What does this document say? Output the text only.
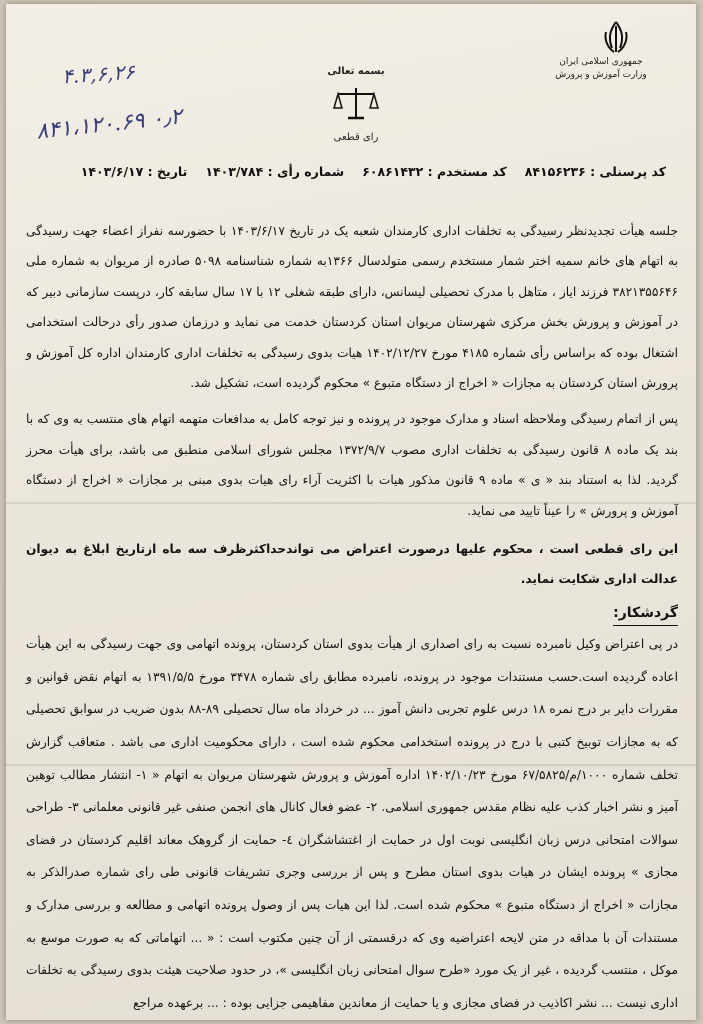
۴.۳,۶,۲۶
۸۴۱،۱۲۰.۶۹ ۰٫۲
جمهوری اسلامی ایران
وزارت آموزش و پرورش
بسمه تعالی
رای قطعی
کد پرسنلی : ۸۴۱۵۶۲۳۶
کد مستخدم : ۶۰۸۶۱۴۳۲
شماره رأی : ۱۴۰۳/۷۸۴
تاریخ : ۱۴۰۳/۶/۱۷

جلسه هیأت تجدیدنظر رسیدگی به تخلفات اداری کارمندان شعبه یک در تاریخ ۱۴۰۳/۶/۱۷ با حضورسه نفراز اعضاء جهت رسیدگی به اتهام های خانم سمیه اختر شمار مستخدم رسمی متولدسال ۱۳۶۶به شماره شناسنامه ۵۰۹۸ صادره از مریوان به شماره ملی ۳۸۲۱۳۵۵۶۴۶ فرزند ایاز ، متاهل با مدرک تحصیلی لیسانس، دارای طبقه شغلی ۱۲ با ۱۷ سال سابقه کار، درپست سازمانی دبیر که در آموزش و پرورش بخش مرکزی شهرستان مریوان استان کردستان خدمت می نماید و درزمان صدور رأی درحالت استخدامی اشتغال بوده که براساس رأی شماره ۴۱۸۵ مورخ ۱۴۰۲/۱۲/۲۷ هیات بدوی رسیدگی به تخلفات اداری کارمندان اداره کل آموزش و پرورش استان کردستان به مجازات « اخراج از دستگاه متبوع » محکوم گردیده است، تشکیل شد.

پس از اتمام رسیدگی وملاحظه اسناد و مدارک موجود در پرونده و نیز توجه کامل به مدافعات متهمه اتهام های منتسب به وی که با بند یک ماده ۸ قانون رسیدگی به تخلفات اداری مصوب ۱۳۷۲/۹/۷ مجلس شورای اسلامی منطبق می باشد، برای هیأت محرز گردید. لذا به استناد بند « ی » ماده ۹ قانون مذکور هیات با اکثریت آراء رای هیات بدوی مبنی بر مجازات « اخراج از دستگاه آموزش و پرورش » را عیناً تایید می نماید.

این رای قطعی است ، محکوم علیها درصورت اعتراض می تواندحداکثرظرف سه ماه ازتاریخ ابلاغ به دیوان عدالت اداری شکایت نماید.

گردشکار:

در پی اعتراض وکیل نامبرده نسبت به رای اصداری از هیأت بدوی استان کردستان، پرونده اتهامی وی جهت رسیدگی به این هیأت اعاده گردیده است.حسب مستندات موجود در پرونده، نامبرده مطابق رای شماره ۳۴۷۸ مورخ ۱۳۹۱/۵/۵ به اتهام نقض قوانین و مقررات دایر بر درج نمره ۱۸ درس علوم تجربی دانش آموز ... در خرداد ماه سال تحصیلی ۸۹-۸۸ بدون ضریب در سوابق تحصیلی که به مجازات توبیخ کتبی با درج در پرونده استخدامی محکوم شده است ، دارای محکومیت اداری می باشد . متعاقب گزارش تخلف شماره ۱۰۰۰/م/۶۷/۵۸۲۵ مورخ ۱۴۰۲/۱۰/۲۳ اداره آموزش و پرورش شهرستان مریوان به اتهام « ۱- انتشار مطالب توهین آمیز و نشر اخبار کذب علیه نظام مقدس جمهوری اسلامی. ۲- عضو فعال کانال های انجمن صنفی غیر قانونی معلمانی ۳- طراحی سوالات امتحانی درس زبان انگلیسی نوبت اول در حمایت از اغتشاشگران ٤- حمایت از گروهک معاند اقلیم کردستان در فضای مجازی » پرونده ایشان در هیات بدوی استان مطرح و پس از بررسی وجری تشریفات قانونی طی رای شماره صدرالذکر به مجازات « اخراج از دستگاه متبوع » محکوم شده است. لذا این هیات پس از وصول پرونده اتهامی و مطالعه و بررسی مدارک و مستندات آن با مداقه در متن لایحه اعتراضیه وی که درقسمتی از آن چنین مکتوب است : « ... اتهاماتی که به صورت موسع به موکل ، منتسب گردیده ، غیر از یک مورد «طرح سوال امتحانی زبان انگلیسی »، در حدود صلاحیت هیئت بدوی رسیدگی به تخلفات اداری نیست ... نشر اکاذیب در فضای مجازی و یا حمایت از معاندین مفاهیمی جزایی بوده : ... برعهده مراجع
